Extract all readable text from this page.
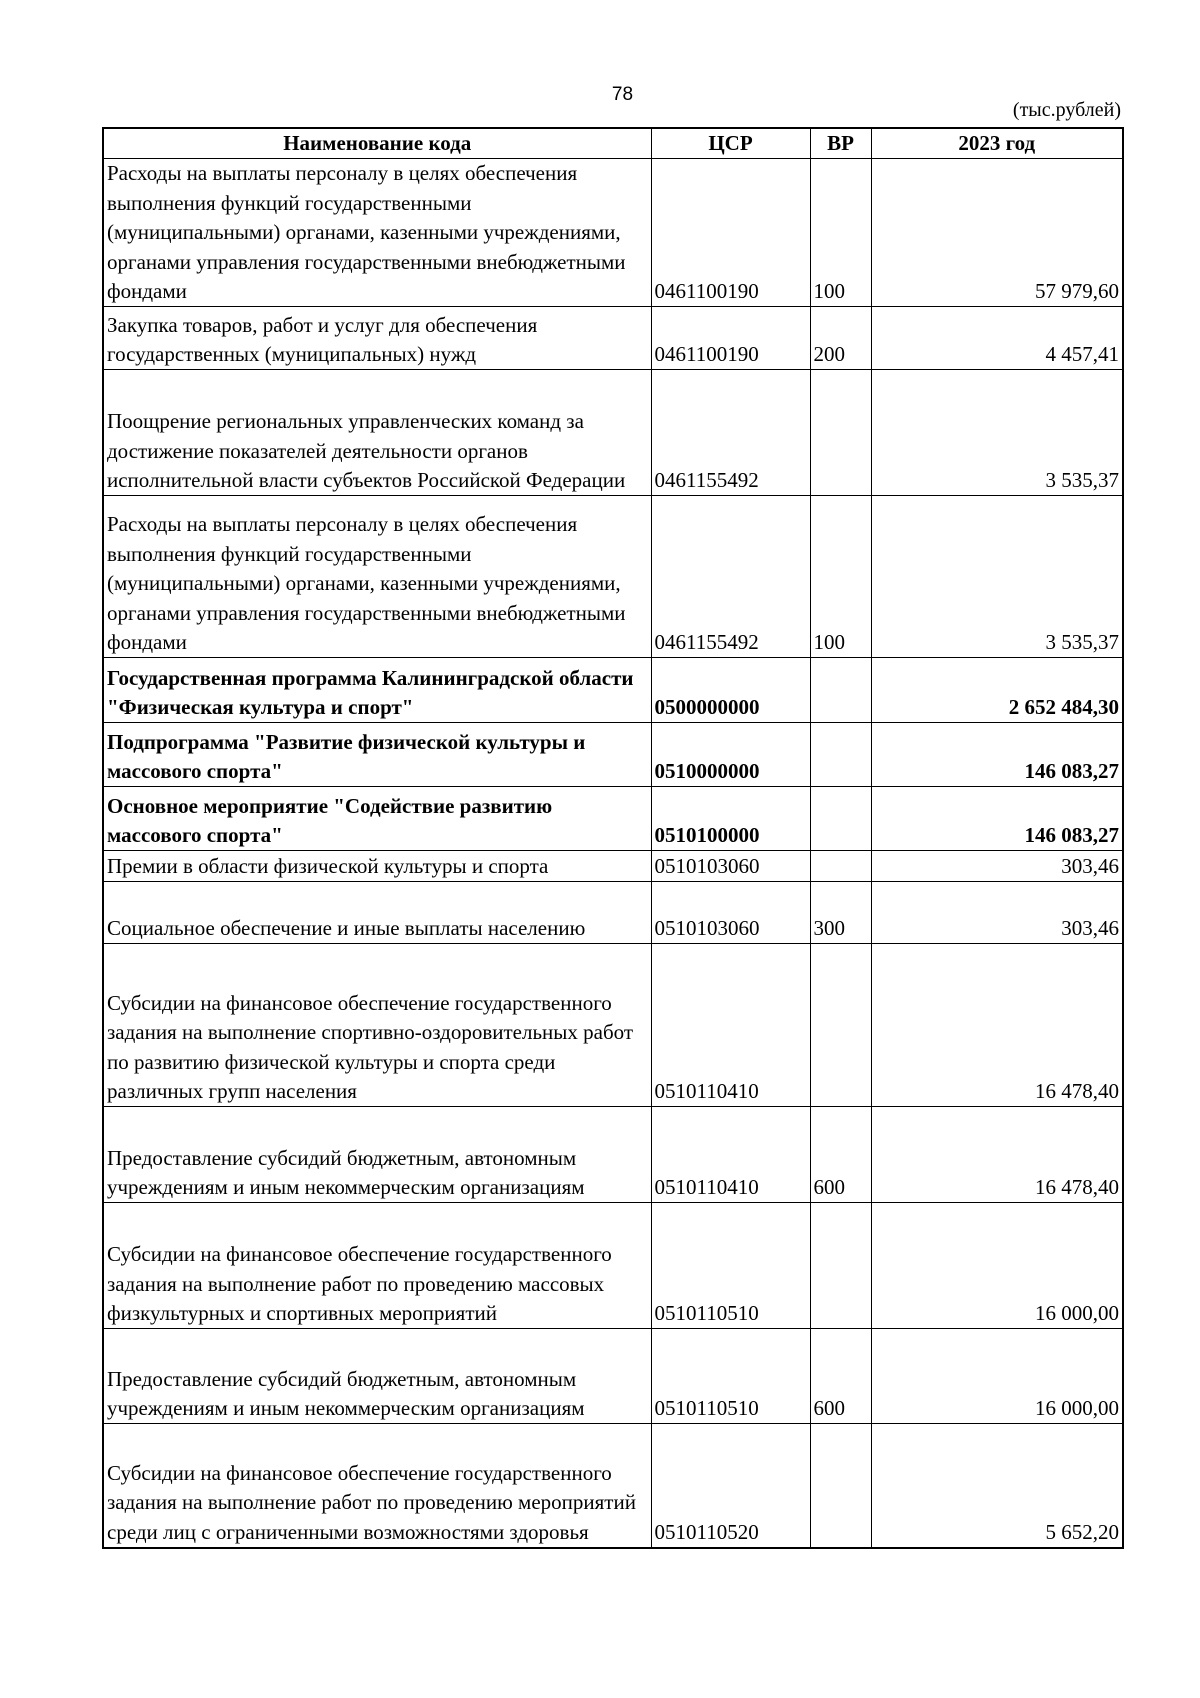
78
(тыс.рублей)
Наименование кода	ЦСР	ВР	2023 год
Расходы на выплаты персоналу в целях обеспечения выполнения функций государственными (муниципальными) органами, казенными учреждениями, органами управления государственными внебюджетными фондами	0461100190	100	57 979,60
Закупка товаров, работ и услуг для обеспечения государственных (муниципальных) нужд	0461100190	200	4 457,41
Поощрение региональных управленческих команд за достижение показателей деятельности органов исполнительной власти субъектов Российской Федерации	0461155492		3 535,37
Расходы на выплаты персоналу в целях обеспечения выполнения функций государственными (муниципальными) органами, казенными учреждениями, органами управления государственными внебюджетными фондами	0461155492	100	3 535,37
Государственная программа Калининградской области "Физическая культура и спорт"	0500000000		2 652 484,30
Подпрограмма "Развитие физической культуры и массового спорта"	0510000000		146 083,27
Основное мероприятие "Содействие развитию массового спорта"	0510100000		146 083,27
Премии в области физической культуры и спорта	0510103060		303,46
Социальное обеспечение и иные выплаты населению	0510103060	300	303,46
Субсидии на финансовое обеспечение государственного задания на выполнение спортивно-оздоровительных работ по развитию физической культуры и спорта среди различных групп населения	0510110410		16 478,40
Предоставление субсидий бюджетным, автономным учреждениям и иным некоммерческим организациям	0510110410	600	16 478,40
Субсидии на финансовое обеспечение государственного задания на выполнение работ по проведению массовых физкультурных и спортивных мероприятий	0510110510		16 000,00
Предоставление субсидий бюджетным, автономным учреждениям и иным некоммерческим организациям	0510110510	600	16 000,00
Субсидии на финансовое обеспечение государственного задания на выполнение работ по проведению мероприятий среди лиц с ограниченными возможностями здоровья	0510110520		5 652,20
